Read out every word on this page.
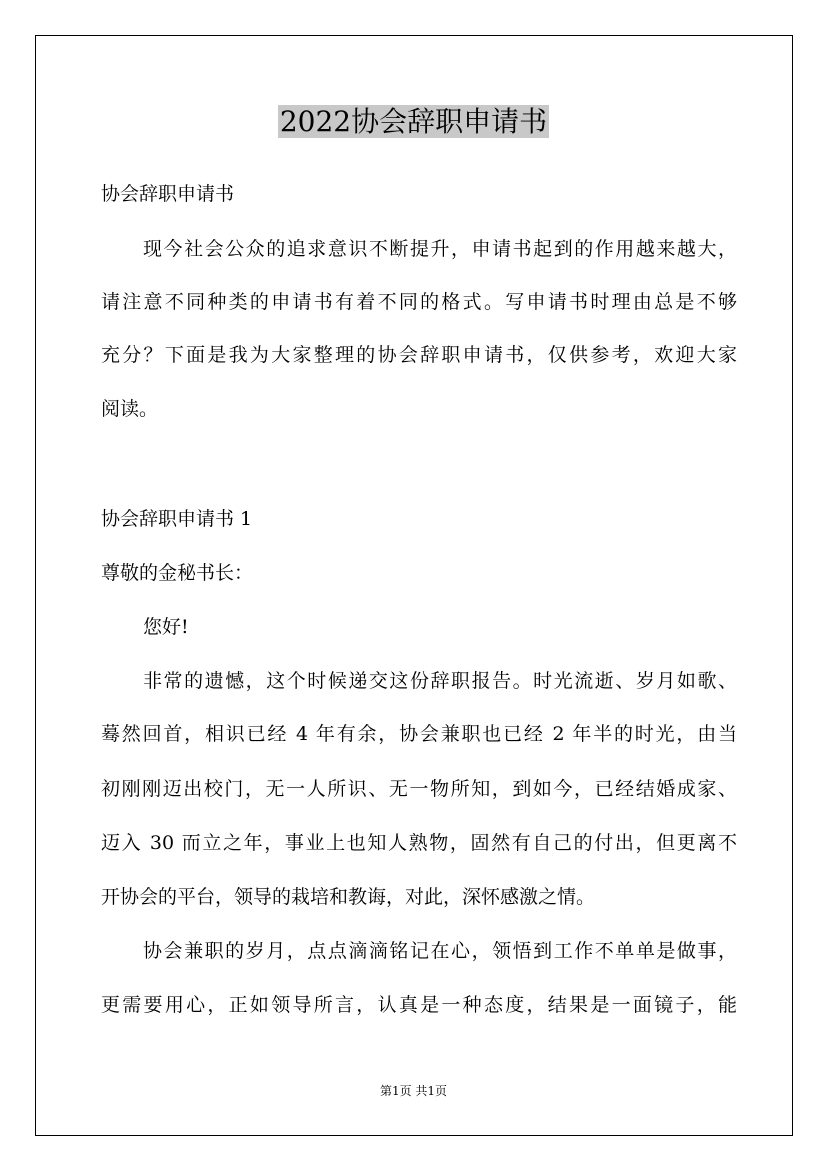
2022协会辞职申请书
协会辞职申请书
现今社会公众的追求意识不断提升，申请书起到的作用越来越大，
请注意不同种类的申请书有着不同的格式。写申请书时理由总是不够
充分？下面是我为大家整理的协会辞职申请书，仅供参考，欢迎大家
阅读。
协会辞职申请书 1
尊敬的金秘书长：
您好!
非常的遗憾，这个时候递交这份辞职报告。时光流逝、岁月如歌、
蓦然回首，相识已经 4 年有余，协会兼职也已经 2 年半的时光，由当
初刚刚迈出校门，无一人所识、无一物所知，到如今，已经结婚成家、
迈入 30 而立之年，事业上也知人熟物，固然有自己的付出，但更离不
开协会的平台，领导的栽培和教诲，对此，深怀感激之情。
协会兼职的岁月，点点滴滴铭记在心，领悟到工作不单单是做事，
更需要用心，正如领导所言，认真是一种态度，结果是一面镜子，能
第1页 共1页
